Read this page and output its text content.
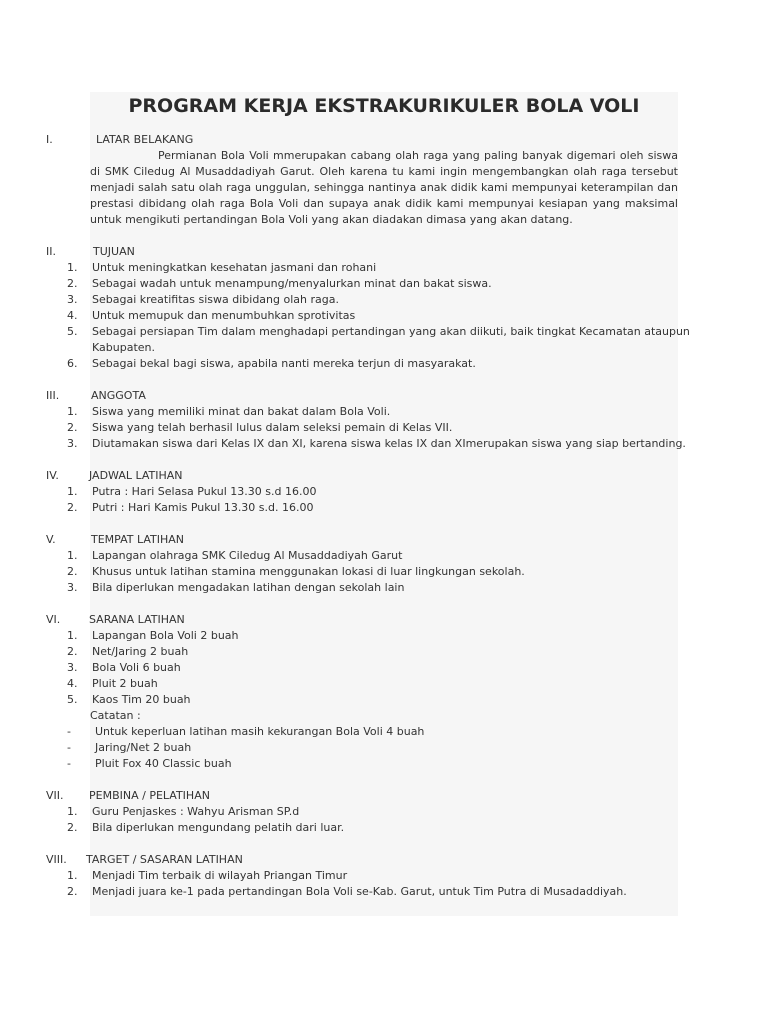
PROGRAM KERJA EKSTRAKURIKULER BOLA VOLI
I.	LATAR BELAKANG

Permianan Bola Voli mmerupakan cabang olah raga yang paling banyak digemari oleh siswa di SMK Ciledug Al Musaddadiyah Garut. Oleh karena tu kami ingin mengembangkan olah raga tersebut menjadi salah satu olah raga unggulan, sehingga nantinya anak didik kami mempunyai keterampilan dan prestasi dibidang olah raga Bola Voli dan supaya anak didik kami mempunyai kesiapan yang maksimal untuk mengikuti pertandingan Bola Voli yang akan diadakan dimasa yang akan datang.

II.	TUJUAN
1. Untuk meningkatkan kesehatan jasmani dan rohani
2. Sebagai wadah untuk menampung/menyalurkan minat dan bakat siswa.
3. Sebagai kreatifitas siswa dibidang olah raga.
4. Untuk memupuk dan menumbuhkan sprotivitas
5. Sebagai persiapan Tim dalam menghadapi pertandingan yang akan diikuti, baik tingkat Kecamatan ataupun Kabupaten.
6. Sebagai bekal bagi siswa, apabila nanti mereka terjun di masyarakat.
III.	ANGGOTA
1. Siswa yang memiliki minat dan bakat dalam Bola Voli.
2. Siswa yang telah berhasil lulus dalam seleksi pemain di Kelas VII.
3. Diutamakan siswa dari Kelas IX dan XI, karena siswa kelas IX dan XImerupakan siswa yang siap bertanding.
IV.	JADWAL LATIHAN
1. Putra : Hari Selasa Pukul 13.30 s.d 16.00
2. Putri : Hari Kamis Pukul 13.30 s.d. 16.00
V.	TEMPAT LATIHAN
1. Lapangan olahraga SMK Ciledug Al Musaddadiyah Garut
2. Khusus untuk latihan stamina menggunakan lokasi di luar lingkungan sekolah.
3. Bila diperlukan mengadakan latihan dengan sekolah lain
VI.	SARANA LATIHAN
1. Lapangan Bola Voli 2 buah
2. Net/Jaring 2 buah
3. Bola Voli 6 buah
4. Pluit 2 buah
5. Kaos Tim 20 buah
Catatan :
- Untuk keperluan latihan masih kekurangan Bola Voli 4 buah
- Jaring/Net 2 buah
- Pluit Fox 40 Classic buah
VII. PEMBINA / PELATIHAN
1. Guru Penjaskes : Wahyu Arisman SP.d
2. Bila diperlukan mengundang pelatih dari luar.
VIII. TARGET / SASARAN LATIHAN
1. Menjadi Tim terbaik di wilayah Priangan Timur
2. Menjadi juara ke-1 pada pertandingan Bola Voli se-Kab. Garut, untuk Tim Putra di Musadaddiyah.
